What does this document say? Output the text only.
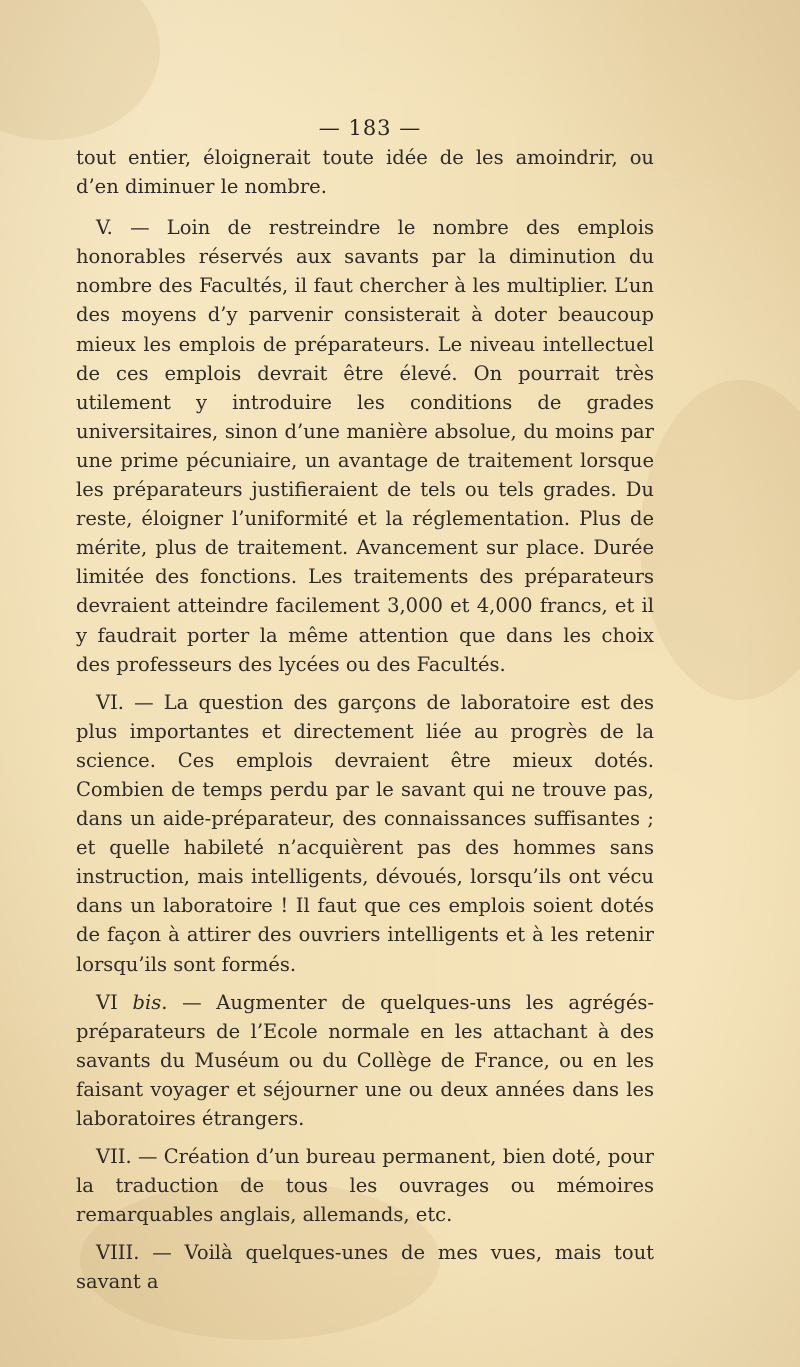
— 183 —

tout entier, éloignerait toute idée de les amoindrir, ou d’en diminuer le nombre.

V. — Loin de restreindre le nombre des emplois honorables réservés aux savants par la diminution du nombre des Facultés, il faut chercher à les multiplier. L’un des moyens d’y parvenir consisterait à doter beaucoup mieux les emplois de préparateurs. Le niveau intellectuel de ces emplois devrait être élevé. On pourrait très utilement y introduire les conditions de grades universitaires, sinon d’une manière absolue, du moins par une prime pécuniaire, un avantage de traitement lorsque les préparateurs justifieraient de tels ou tels grades. Du reste, éloigner l’uniformité et la réglementation. Plus de mérite, plus de traitement. Avancement sur place. Durée limitée des fonctions. Les traitements des préparateurs devraient atteindre facilement 3,000 et 4,000 francs, et il y faudrait porter la même attention que dans les choix des professeurs des lycées ou des Facultés.

VI. — La question des garçons de laboratoire est des plus importantes et directement liée au progrès de la science. Ces emplois devraient être mieux dotés. Combien de temps perdu par le savant qui ne trouve pas, dans un aide-préparateur, des connaissances suffisantes ; et quelle habileté n’acquièrent pas des hommes sans instruction, mais intelligents, dévoués, lorsqu’ils ont vécu dans un laboratoire ! Il faut que ces emplois soient dotés de façon à attirer des ouvriers intelligents et à les retenir lorsqu’ils sont formés.

VI bis. — Augmenter de quelques-uns les agrégés-préparateurs de l’Ecole normale en les attachant à des savants du Muséum ou du Collège de France, ou en les faisant voyager et séjourner une ou deux années dans les laboratoires étrangers.

VII. — Création d’un bureau permanent, bien doté, pour la traduction de tous les ouvrages ou mémoires remarquables anglais, allemands, etc.

VIII. — Voilà quelques-unes de mes vues, mais tout savant a
